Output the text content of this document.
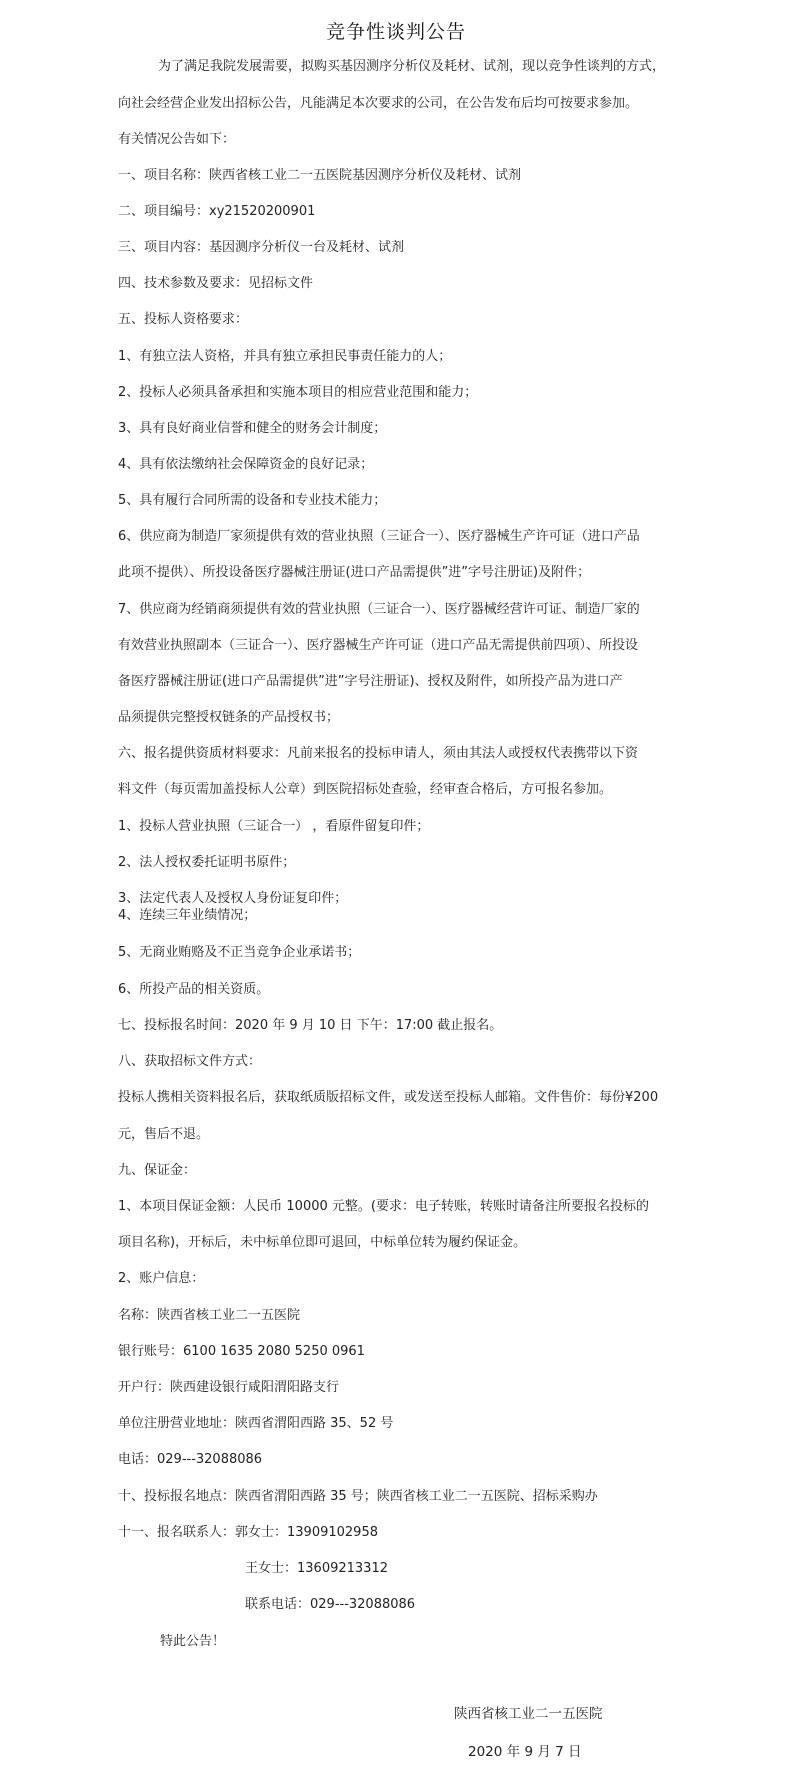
竞争性谈判公告
为了满足我院发展需要，拟购买基因测序分析仪及耗材、试剂，现以竞争性谈判的方式，
向社会经营企业发出招标公告，凡能满足本次要求的公司，在公告发布后均可按要求参加。
有关情况公告如下：
一、项目名称：陕西省核工业二一五医院基因测序分析仪及耗材、试剂
二、项目编号：xy21520200901
三、项目内容：基因测序分析仪一台及耗材、试剂
四、技术参数及要求：见招标文件
五、投标人资格要求：
1、有独立法人资格，并具有独立承担民事责任能力的人；
2、投标人必须具备承担和实施本项目的相应营业范围和能力；
3、具有良好商业信誉和健全的财务会计制度；
4、具有依法缴纳社会保障资金的良好记录；
5、具有履行合同所需的设备和专业技术能力；
6、供应商为制造厂家须提供有效的营业执照（三证合一）、医疗器械生产许可证（进口产品
此项不提供）、所投设备医疗器械注册证(进口产品需提供”进”字号注册证)及附件；
7、供应商为经销商须提供有效的营业执照（三证合一）、医疗器械经营许可证、制造厂家的
有效营业执照副本（三证合一）、医疗器械生产许可证（进口产品无需提供前四项）、所投设
备医疗器械注册证(进口产品需提供”进”字号注册证)、授权及附件，如所投产品为进口产
品须提供完整授权链条的产品授权书；
六、报名提供资质材料要求：凡前来报名的投标申请人，须由其法人或授权代表携带以下资
料文件（每页需加盖投标人公章）到医院招标处查验，经审查合格后，方可报名参加。
1、投标人营业执照（三证合一） ，看原件留复印件；
2、法人授权委托证明书原件；
3、法定代表人及授权人身份证复印件；
4、连续三年业绩情况；
5、无商业贿赂及不正当竞争企业承诺书；
6、所投产品的相关资质。
七、投标报名时间：2020 年 9 月 10 日 下午：17:00 截止报名。
八、获取招标文件方式：
投标人携相关资料报名后，获取纸质版招标文件，或发送至投标人邮箱。文件售价：每份¥200
元，售后不退。
九、保证金：
1、本项目保证金额：人民币 10000 元整。(要求：电子转账，转账时请备注所要报名投标的
项目名称)，开标后，未中标单位即可退回，中标单位转为履约保证金。
2、账户信息：
名称：陕西省核工业二一五医院
银行账号：6100 1635 2080 5250 0961
开户行：陕西建设银行咸阳渭阳路支行
单位注册营业地址：陕西省渭阳西路 35、52 号
电话：029---32088086
十、投标报名地点：陕西省渭阳西路 35 号；陕西省核工业二一五医院、招标采购办
十一、报名联系人：郭女士：13909102958
王女士：13609213312
联系电话：029---32088086
特此公告！
陕西省核工业二一五医院
2020 年 9 月 7 日
